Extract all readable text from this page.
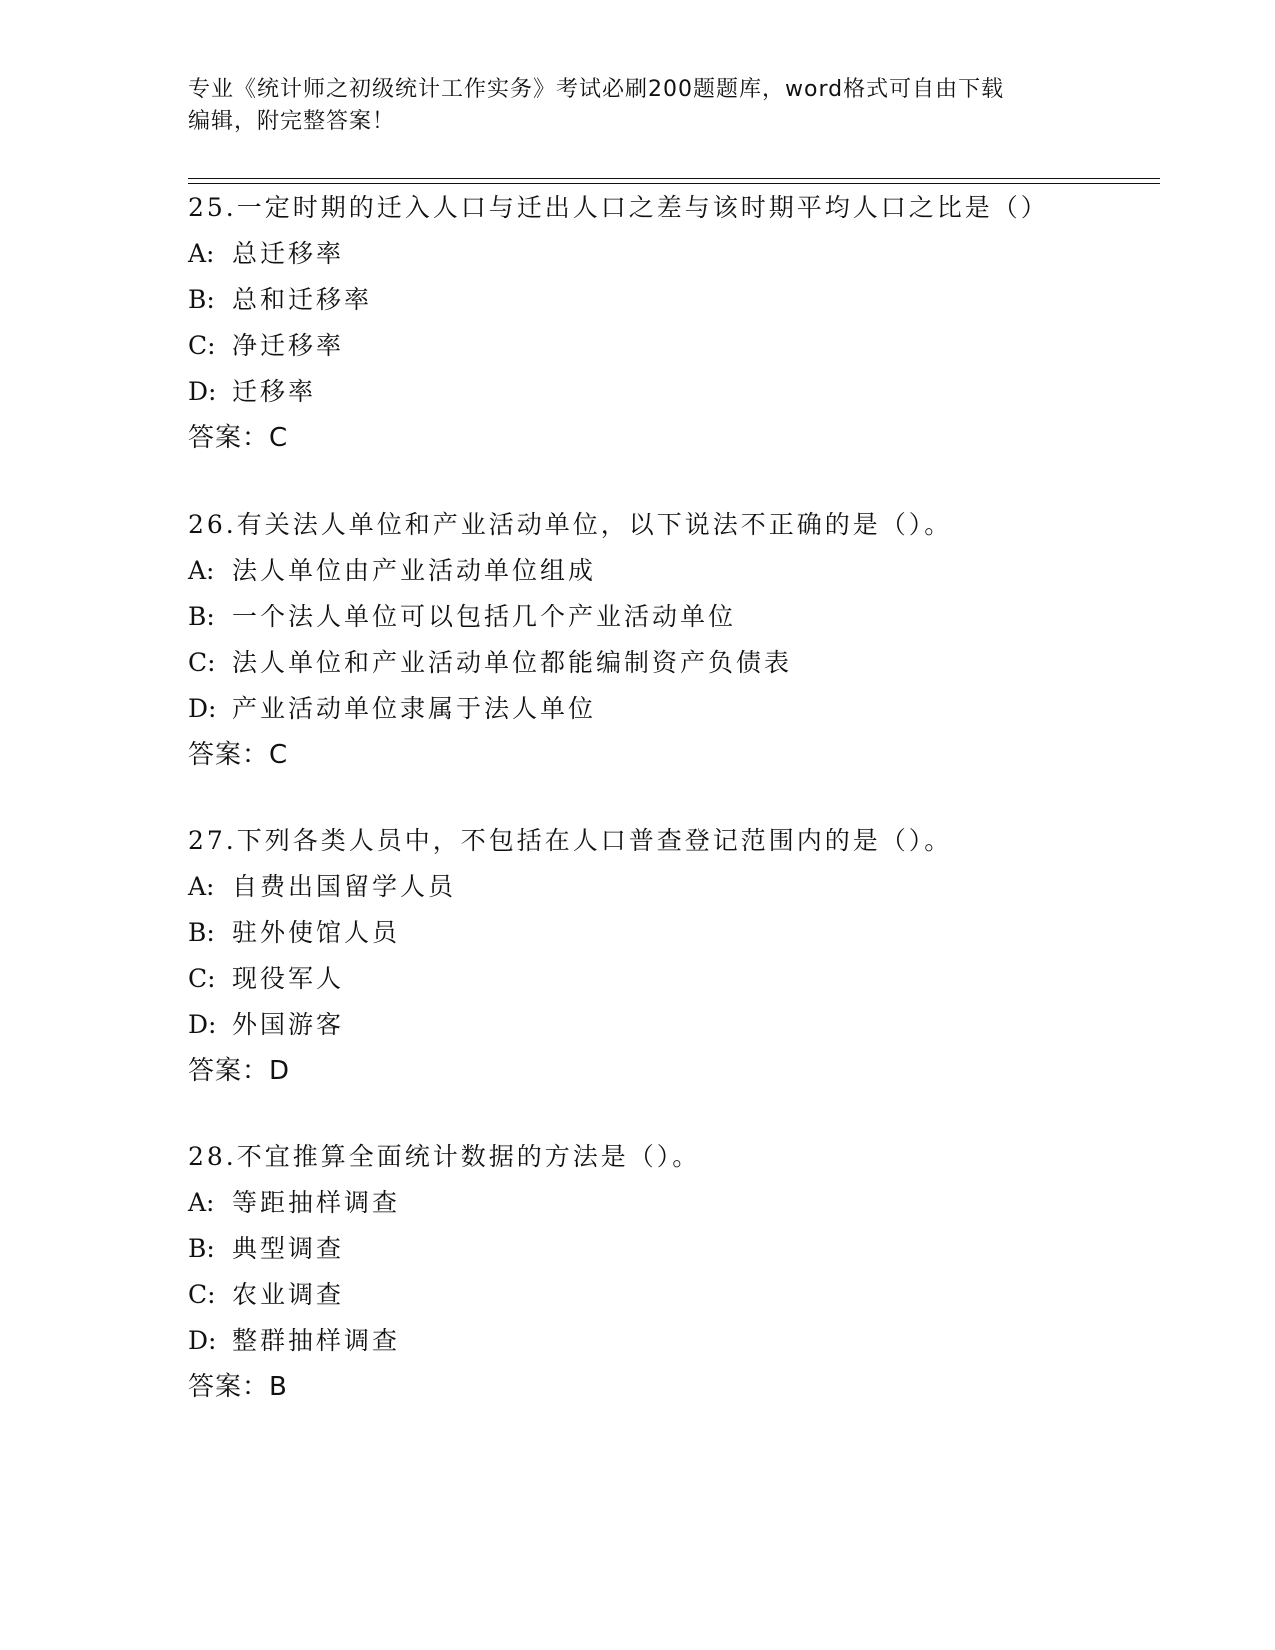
专业《统计师之初级统计工作实务》考试必刷200题题库，word格式可自由下载
编辑，附完整答案！
25.一定时期的迁入人口与迁出人口之差与该时期平均人口之比是（）
A: 总迁移率
B: 总和迁移率
C: 净迁移率
D: 迁移率
答案：C
26.有关法人单位和产业活动单位，以下说法不正确的是（）。
A: 法人单位由产业活动单位组成
B: 一个法人单位可以包括几个产业活动单位
C: 法人单位和产业活动单位都能编制资产负债表
D: 产业活动单位隶属于法人单位
答案：C
27.下列各类人员中，不包括在人口普查登记范围内的是（）。
A: 自费出国留学人员
B: 驻外使馆人员
C: 现役军人
D: 外国游客
答案：D
28.不宜推算全面统计数据的方法是（）。
A: 等距抽样调查
B: 典型调查
C: 农业调查
D: 整群抽样调查
答案：B
